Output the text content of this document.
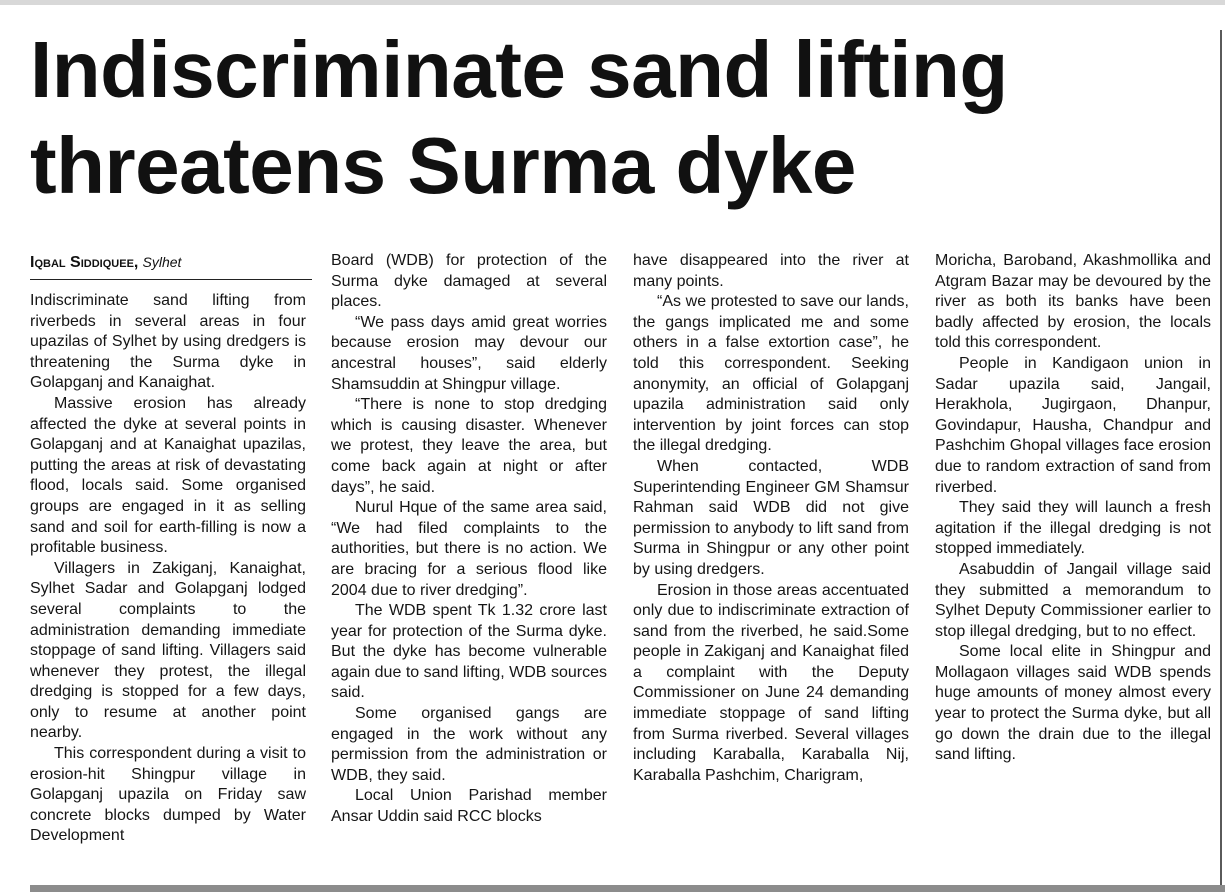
Indiscriminate sand lifting
threatens Surma dyke
Iqbal Siddiquee, Sylhet

Indiscriminate sand lifting from riverbeds in several areas in four upazilas of Sylhet by using dredgers is threatening the Surma dyke in Golapganj and Kanaighat.

Massive erosion has already affected the dyke at several points in Golapganj and at Kanaighat upazilas, putting the areas at risk of devastating flood, locals said. Some organised groups are engaged in it as selling sand and soil for earth-filling is now a profitable business.

Villagers in Zakiganj, Kanaighat, Sylhet Sadar and Golapganj lodged several complaints to the administration demanding immediate stoppage of sand lifting. Villagers said whenever they protest, the illegal dredging is stopped for a few days, only to resume at another point nearby.

This correspondent during a visit to erosion-hit Shingpur village in Golapganj upazila on Friday saw concrete blocks dumped by Water Development

Board (WDB) for protection of the Surma dyke damaged at several places.

“We pass days amid great worries because erosion may devour our ancestral houses”, said elderly Shamsuddin at Shingpur village.

“There is none to stop dredging which is causing disaster. Whenever we protest, they leave the area, but come back again at night or after days”, he said.

Nurul Hque of the same area said, “We had filed complaints to the authorities, but there is no action. We are bracing for a serious flood like 2004 due to river dredging”.

The WDB spent Tk 1.32 crore last year for protection of the Surma dyke. But the dyke has become vulnerable again due to sand lifting, WDB sources said.

Some organised gangs are engaged in the work without any permission from the administration or WDB, they said.

Local Union Parishad member Ansar Uddin said RCC blocks

have disappeared into the river at many points.

“As we protested to save our lands, the gangs implicated me and some others in a false extortion case”, he told this correspondent. Seeking anonymity, an official of Golapganj upazila administration said only intervention by joint forces can stop the illegal dredging.

When contacted, WDB Superintending Engineer GM Shamsur Rahman said WDB did not give permission to anybody to lift sand from Surma in Shingpur or any other point by using dredgers.

Erosion in those areas accentuated only due to indiscriminate extraction of sand from the riverbed, he said.Some people in Zakiganj and Kanaighat filed a complaint with the Deputy Commissioner on June 24 demanding immediate stoppage of sand lifting from Surma riverbed. Several villages including Karaballa, Karaballa Nij, Karaballa Pashchim, Charigram,

Moricha, Baroband, Akashmollika and Atgram Bazar may be devoured by the river as both its banks have been badly affected by erosion, the locals told this correspondent.

People in Kandigaon union in Sadar upazila said, Jangail, Herakhola, Jugirgaon, Dhanpur, Govindapur, Hausha, Chandpur and Pashchim Ghopal villages face erosion due to random extraction of sand from riverbed.

They said they will launch a fresh agitation if the illegal dredging is not stopped immediately.

Asabuddin of Jangail village said they submitted a memorandum to Sylhet Deputy Commissioner earlier to stop illegal dredging, but to no effect.

Some local elite in Shingpur and Mollagaon villages said WDB spends huge amounts of money almost every year to protect the Surma dyke, but all go down the drain due to the illegal sand lifting.
